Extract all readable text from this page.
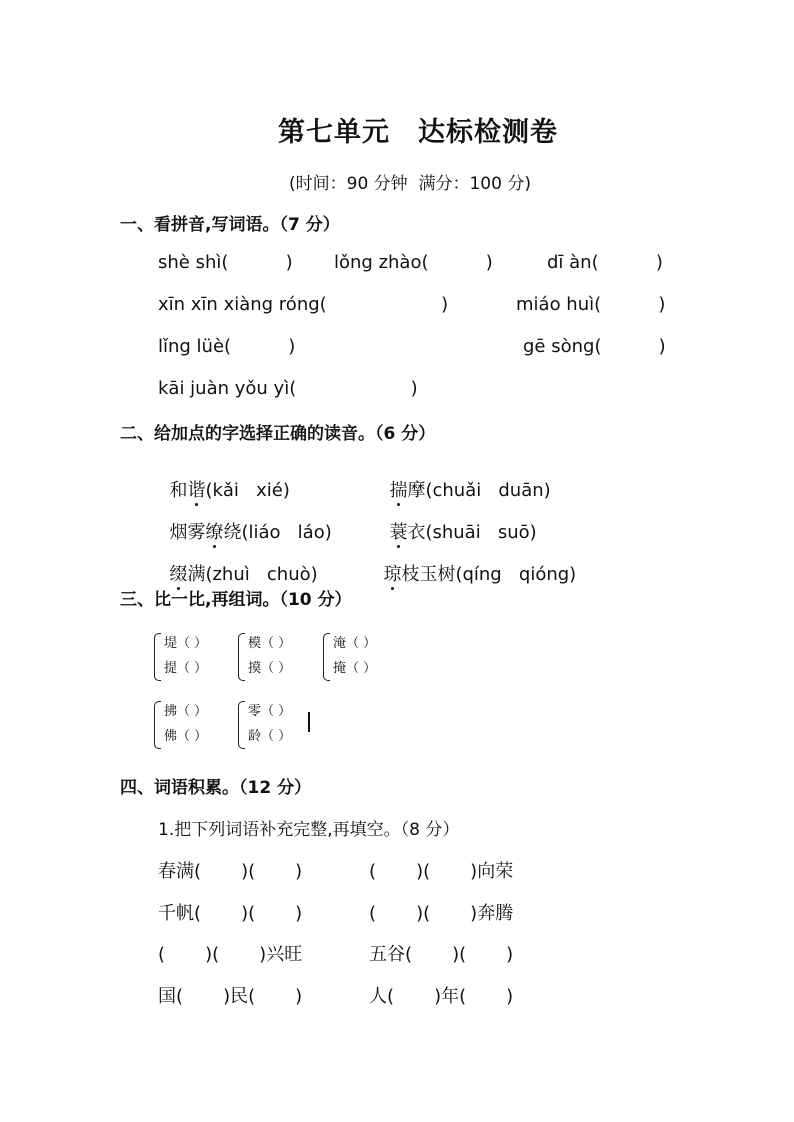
第七单元　达标检测卷
(时间：90 分钟  满分：100 分)
一、看拼音,写词语。（7 分）
shè shì(          ) lǒng zhào(          )	dī àn(          )
xīn xīn xiàng róng(                    )	miáo huì(          )
lǐng lüè(          )	gē sòng(          )
kāi juàn yǒu yì(                    )
二、给加点的字选择正确的读音。（6 分）

和谐(kǎi   xié)	揣摩(chuǎi   duān)

烟雾缭绕(liáo   láo)	蓑衣(shuāi   suō)

缀满(zhuì   chuò)	琼枝玉树(qíng   qióng)

三、比一比,再组词。（10 分）
堤（ ）
提（ ）
模（ ）
摸（ ）
淹（ ）
掩（ ）
拂（ ）
佛（ ）
零（ ）
龄（ ）
四、词语积累。（12 分）
1.把下列词语补充完整,再填空。（8 分）
春满(       )(       )	(       )(       )向荣
千帆(       )(       )	(       )(       )奔腾
(       )(       )兴旺	五谷(       )(       )
国(       )民(       )	人(       )年(       )
